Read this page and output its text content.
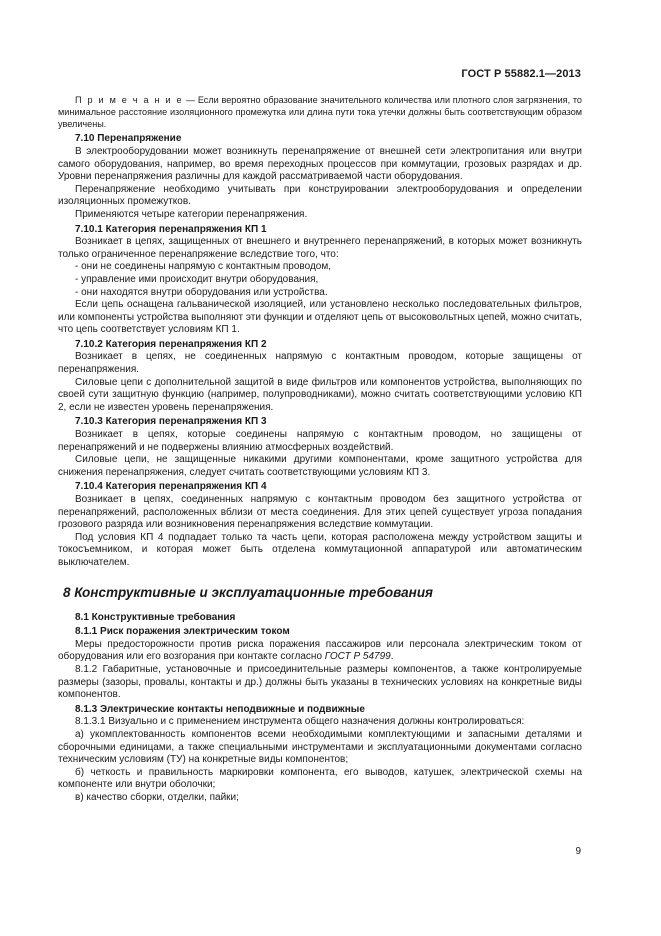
ГОСТ Р 55882.1—2013

П р и м е ч а н и е — Если вероятно образование значительного количества или плотного слоя загрязнения, то минимальное расстояние изоляционного промежутка или длина пути тока утечки должны быть соответствующим образом увеличены.

7.10 Перенапряжение

В электрооборудовании может возникнуть перенапряжение от внешней сети электропитания или внутри самого оборудования, например, во время переходных процессов при коммутации, грозовых разрядах и др. Уровни перенапряжения различны для каждой рассматриваемой части оборудования.

Перенапряжение необходимо учитывать при конструировании электрооборудования и определении изоляционных промежутков.

Применяются четыре категории перенапряжения.

7.10.1 Категория перенапряжения КП 1

Возникает в цепях, защищенных от внешнего и внутреннего перенапряжений, в которых может возникнуть только ограниченное перенапряжение вследствие того, что:

- они не соединены напрямую с контактным проводом,

- управление ими происходит внутри оборудования,

- они находятся внутри оборудования или устройства.

Если цепь оснащена гальванической изоляцией, или установлено несколько последовательных фильтров, или компоненты устройства выполняют эти функции и отделяют цепь от высоковольтных цепей, можно считать, что цепь соответствует условиям КП 1.

7.10.2 Категория перенапряжения КП 2

Возникает в цепях, не соединенных напрямую с контактным проводом, которые защищены от перенапряжения.

Силовые цепи с дополнительной защитой в виде фильтров или компонентов устройства, выполняющих по своей сути защитную функцию (например, полупроводниками), можно считать соответствующими условию КП 2, если не известен уровень перенапряжения.

7.10.3 Категория перенапряжения КП 3

Возникает в цепях, которые соединены напрямую с контактным проводом, но защищены от перенапряжений и не подвержены влиянию атмосферных воздействий.

Силовые цепи, не защищенные никакими другими компонентами, кроме защитного устройства для снижения перенапряжения, следует считать соответствующими условиям КП 3.

7.10.4 Категория перенапряжения КП 4

Возникает в цепях, соединенных напрямую с контактным проводом без защитного устройства от перенапряжений, расположенных вблизи от места соединения. Для этих цепей существует угроза попадания грозового разряда или возникновения перенапряжения вследствие коммутации.

Под условия КП 4 подпадает только та часть цепи, которая расположена между устройством защиты и токосъемником, и которая может быть отделена коммутационной аппаратурой или автоматическим выключателем.

8 Конструктивные и эксплуатационные требования

8.1 Конструктивные требования

8.1.1 Риск поражения электрическим током

Меры предосторожности против риска поражения пассажиров или персонала электрическим током от оборудования или его возгорания при контакте согласно ГОСТ Р 54799.

8.1.2 Габаритные, установочные и присоединительные размеры компонентов, а также контролируемые размеры (зазоры, провалы, контакты и др.) должны быть указаны в технических условиях на конкретные виды компонентов.

8.1.3 Электрические контакты неподвижные и подвижные

8.1.3.1 Визуально и с применением инструмента общего назначения должны контролироваться:

а) укомплектованность компонентов всеми необходимыми комплектующими и запасными деталями и сборочными единицами, а также специальными инструментами и эксплуатационными документами согласно техническим условиям (ТУ) на конкретные виды компонентов;

б) четкость и правильность маркировки компонента, его выводов, катушек, электрической схемы на компоненте или внутри оболочки;

в) качество сборки, отделки, пайки;

9
